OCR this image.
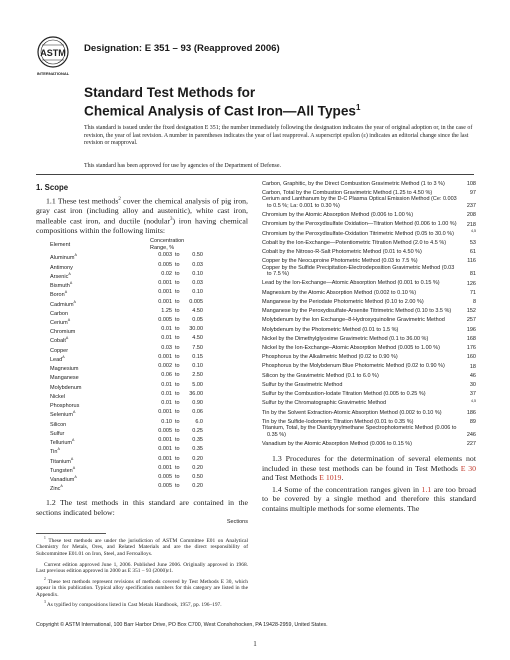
ASTM
INTERNATIONAL
Designation: E 351 – 93 (Reapproved 2006)
Standard Test Methods for
Chemical Analysis of Cast Iron—All Types$^1$
This standard is issued under the fixed designation E 351; the number immediately following the designation indicates the year of original adoption or, in the case of revision, the year of last revision. A number in parentheses indicates the year of last reapproval. A superscript epsilon (ε) indicates an editorial change since the last revision or reapproval.
This standard has been approved for use by agencies of the Department of Defense.
1. Scope
1.1 These test methods$^2$ cover the chemical analysis of pig iron, gray cast iron (including alloy and austenitic), white cast iron, malleable cast iron, and ductile (nodular$^3$) iron having chemical compositions within the following limits:
Element	Concentration Range, %		
Aluminum$^A$	0.003	to	0.50
Antimony	0.005	to	0.03
Arsenic$^A$	0.02	to	0.10
Bismuth$^A$	0.001	to	0.03
Boron$^A$	0.001	to	0.10
Cadmium$^A$	0.001	to	0.005
Carbon	1.25	to	4.50
Cerium$^A$	0.005	to	0.05
Chromium	0.01	to	30.00
Cobalt$^A$	0.01	to	4.50
Copper	0.03	to	7.50
Lead$^A$	0.001	to	0.15
Magnesium	0.002	to	0.10
Manganese	0.06	to	2.50
Molybdenum	0.01	to	5.00
Nickel	0.01	to	36.00
Phosphorus	0.01	to	0.90
Selenium$^A$	0.001	to	0.06
Silicon	0.10	to	6.0
Sulfur	0.005	to	0.25
Tellurium$^A$	0.001	to	0.35
Tin$^A$	0.001	to	0.35
Titanium$^A$	0.001	to	0.20
Tungsten$^A$	0.001	to	0.20
Vanadium$^A$	0.005	to	0.50
Zinc$^A$	0.005	to	0.20
1.2 The test methods in this standard are contained in the sections indicated below:
Sections
$^1$ These test methods are under the jurisdiction of ASTM Committee E01 on Analytical Chemistry for Metals, Ores, and Related Materials and are the direct responsibility of Subcommittee E01.01 on Iron, Steel, and Ferroalloys.
Current edition approved June 1, 2006. Published June 2006. Originally approved in 1968. Last previous edition approved in 2000 as E 351 – 93 (2000)ε1.
$^2$ These test methods represent revisions of methods covered by Test Methods E 30, which appear in this publication. Typical alloy specification numbers for this category are listed in the Appendix.
$^3$ As typified by compositions listed in Cast Metals Handbook, 1957, pp. 196–197.
Carbon, Graphitic, by the Direct Combustion Gravimetric Method (1 to 3 %)	108
Carbon, Total by the Combustion Gravimetric Method (1.25 to 4.50 %)	97
Cerium and Lanthanum by the D-C Plasma Optical Emission Method (Ce: 0.003 to 0.5 %; La: 0.001 to 0.30 %)	237
Chromium by the Atomic Absorption Method (0.006 to 1.00 %)	208
Chromium by the Peroxydisulfate Oxidation—Titration Method (0.006 to 1.00 %)	218
Chromium by the Peroxydisulfate-Oxidation Titrimetric Method (0.05 to 30.0 %)	$^{4,5}$
Cobalt by the Ion-Exchange—Potentiometric Titration Method (2.0 to 4.5 %)	53
Cobalt by the Nitroso-R-Salt Photometric Method (0.01 to 4.50 %)	61
Copper by the Neocuproine Photometric Method (0.03 to 7.5 %)	116
Copper by the Sulfide Precipitation-Electrodeposition Gravimetric Method (0.03 to 7.5 %)	81
Lead by the Ion-Exchange—Atomic Absorption Method (0.001 to 0.15 %)	126
Magnesium by the Atomic Absorption Method (0.002 to 0.10 %)	71
Manganese by the Periodate Photometric Method (0.10 to 2.00 %)	8
Manganese by the Peroxydisulfate-Arsenite Titrimetric Method (0.10 to 3.5 %)	152
Molybdenum by the Ion Exchange–8-Hydroxyquinoline Gravimetric Method	257
Molybdenum by the Photometric Method (0.01 to 1.5 %)	196
Nickel by the Dimethylglyoxime Gravimetric Method (0.1 to 36.00 %)	168
Nickel by the Ion-Exchange–Atomic Absorption Method (0.005 to 1.00 %)	176
Phosphorus by the Alkalimetric Method (0.02 to 0.90 %)	160
Phosphorus by the Molybdenum Blue Photometric Method (0.02 to 0.90 %)	18
Silicon by the Gravimetric Method (0.1 to 6.0 %)	46
Sulfur by the Gravimetric Method	30
Sulfur by the Combustion-Iodate Titration Method (0.005 to 0.25 %)	37
Sulfur by the Chromatographic Gravimetric Method	$^{4,5}$
Tin by the Solvent Extraction-Atomic Absorption Method (0.002 to 0.10 %)	186
Tin by the Sulfide-Iodometric Titration Method (0.01 to 0.35 %)	89
Titanium, Total, by the Diantipyrylmethane Spectrophotometric Method (0.006 to 0.35 %)	246
Vanadium by the Atomic Absorption Method (0.006 to 0.15 %)	227
1.3 Procedures for the determination of several elements not included in these test methods can be found in Test Methods E 30 and Test Methods E 1019.
1.4 Some of the concentration ranges given in 1.1 are too broad to be covered by a single method and therefore this standard contains multiple methods for some elements. The
Copyright © ASTM International, 100 Barr Harbor Drive, PO Box C700, West Conshohocken, PA 19428-2959, United States.
1
